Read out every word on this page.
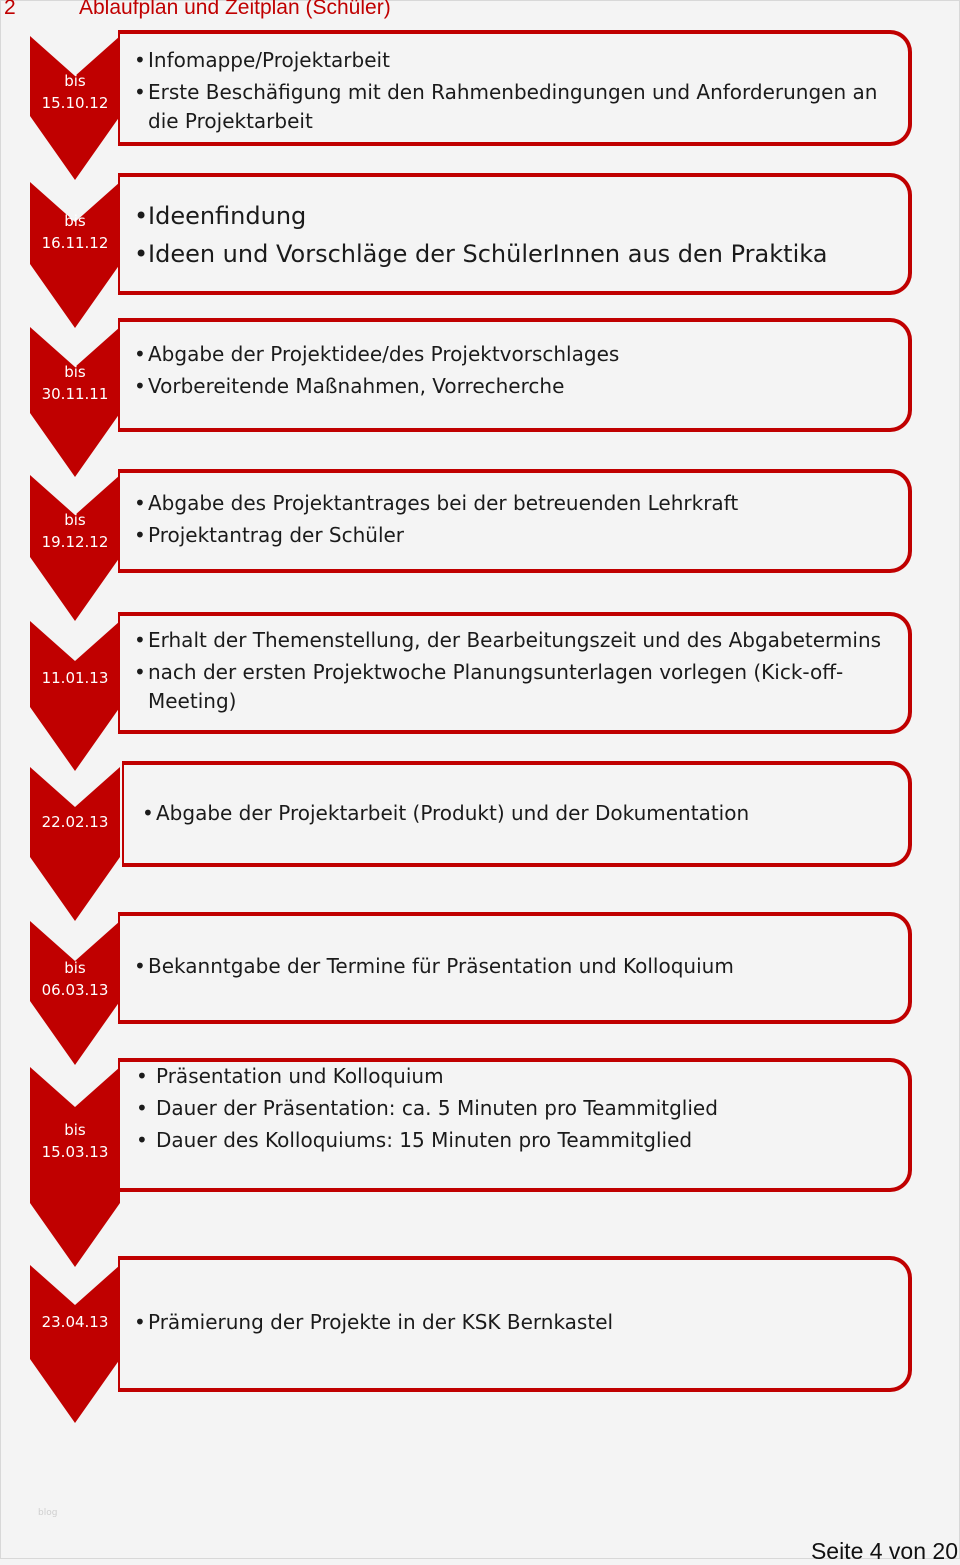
2	Ablaufplan und Zeitplan (Schüler)
bis
15.10.12
• Infomappe/Projektarbeit
• Erste Beschäfigung mit den Rahmenbedingungen und Anforderungen an die Projektarbeit
bis
16.11.12
• Ideenfindung
• Ideen und Vorschläge der SchülerInnen aus den Praktika
bis
30.11.11
• Abgabe der Projektidee/des Projektvorschlages
• Vorbereitende Maßnahmen, Vorrecherche
bis
19.12.12
• Abgabe des Projektantrages bei der betreuenden Lehrkraft
• Projektantrag der Schüler
11.01.13
• Erhalt der Themenstellung, der Bearbeitungszeit und des Abgabetermins
• nach der ersten Projektwoche Planungsunterlagen vorlegen (Kick-off-Meeting)
22.02.13	• Abgabe der Projektarbeit (Produkt) und der Dokumentation
bis
06.03.13
• Bekanntgabe der Termine für Präsentation und Kolloquium
bis
15.03.13
• Präsentation und Kolloquium
• Dauer der Präsentation: ca. 5 Minuten pro Teammitglied
• Dauer des Kolloquiums: 15 Minuten pro Teammitglied
23.04.13	• Prämierung der Projekte in der KSK Bernkastel
blog
Seite 4 von 20
